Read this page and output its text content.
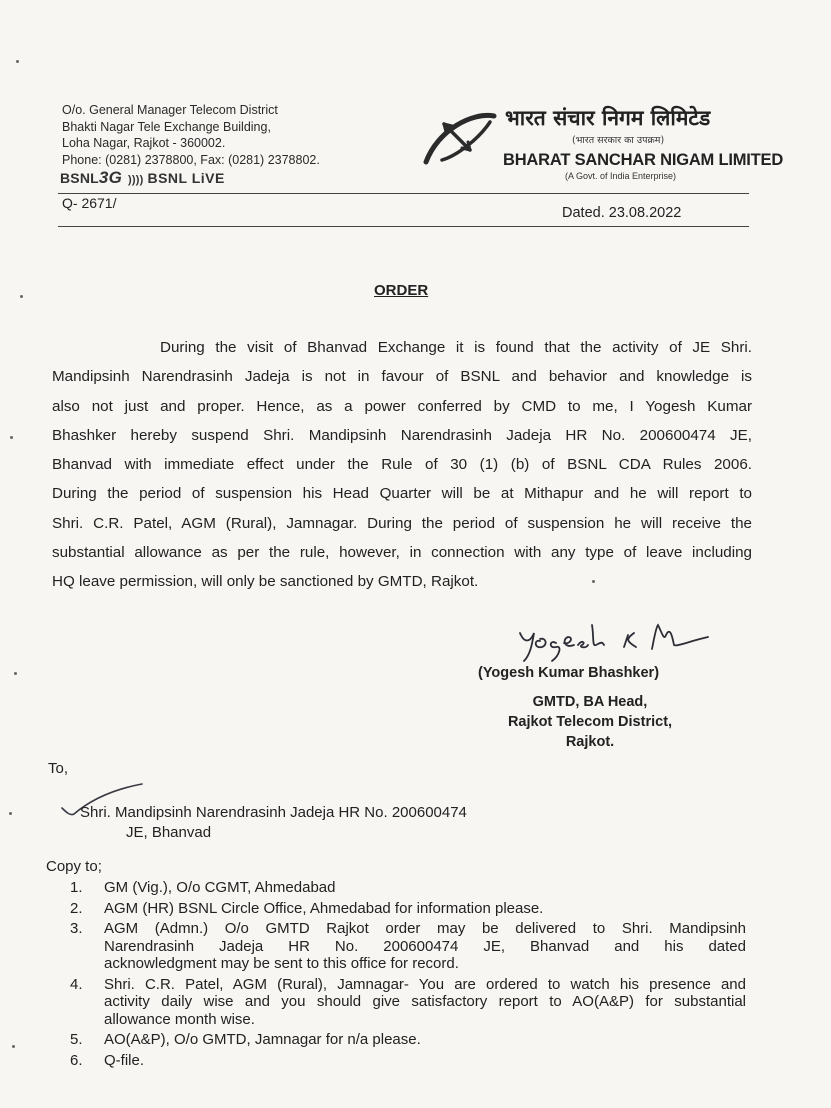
O/o. General Manager Telecom District
Bhakti Nagar Tele Exchange Building,
Loha Nagar, Rajkot - 360002.
Phone: (0281) 2378800, Fax: (0281) 2378802.
BSNL3G )))) BSNL LiVE
भारत संचार निगम लिमिटेड
(भारत सरकार का उपक्रम)
BHARAT SANCHAR NIGAM LIMITED
(A Govt. of India Enterprise)
Q- 2671/
Dated. 23.08.2022
ORDER
During the visit of Bhanvad Exchange it is found that the activity of JE Shri.
Mandipsinh Narendrasinh Jadeja is not in favour of BSNL and behavior and knowledge is
also not just and proper. Hence, as a power conferred by CMD to me, I Yogesh Kumar
Bhashker hereby suspend Shri. Mandipsinh Narendrasinh Jadeja HR No. 200600474 JE,
Bhanvad with immediate effect under the Rule of 30 (1) (b) of BSNL CDA Rules 2006.
During the period of suspension his Head Quarter will be at Mithapur and he will report to
Shri. C.R. Patel, AGM (Rural), Jamnagar. During the period of suspension he will receive the
substantial allowance as per the rule, however, in connection with any type of leave including
HQ leave permission, will only be sanctioned by GMTD, Rajkot.
(Yogesh Kumar Bhashker)
GMTD, BA Head,
Rajkot Telecom District,
Rajkot.
To,
Shri. Mandipsinh Narendrasinh Jadeja HR No. 200600474
JE, Bhanvad
Copy to;
1. GM (Vig.), O/o CGMT, Ahmedabad
2. AGM (HR) BSNL Circle Office, Ahmedabad for information please.
3. AGM (Admn.) O/o GMTD Rajkot order may be delivered to Shri. Mandipsinh
Narendrasinh Jadeja HR No. 200600474 JE, Bhanvad and his dated
acknowledgment may be sent to this office for record.
4. Shri. C.R. Patel, AGM (Rural), Jamnagar- You are ordered to watch his presence and
activity daily wise and you should give satisfactory report to AO(A&P) for substantial
allowance month wise.
5. AO(A&P), O/o GMTD, Jamnagar for n/a please.
6. Q-file.
